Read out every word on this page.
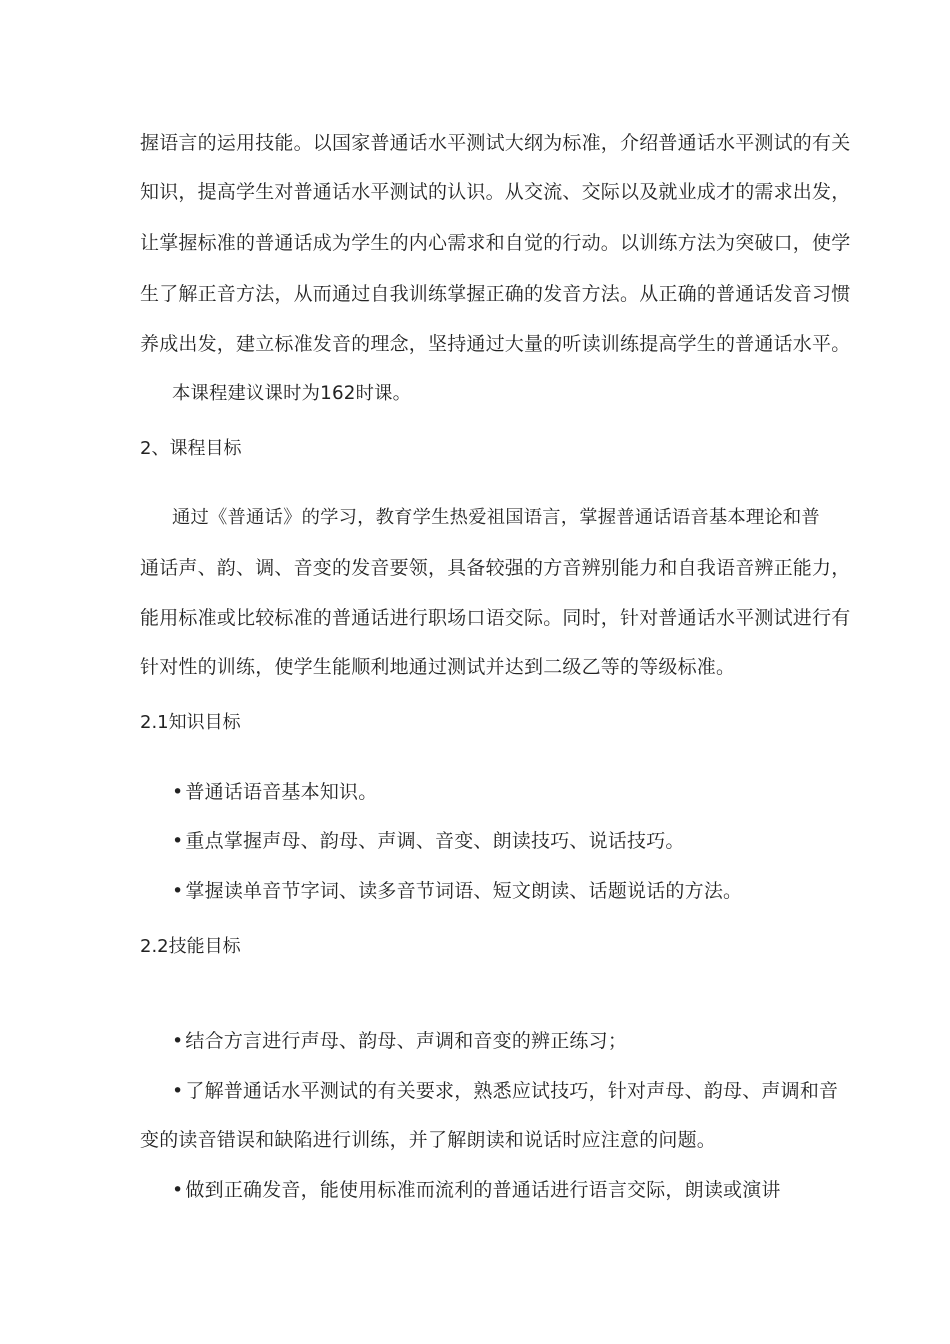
握语言的运用技能。以国家普通话水平测试大纲为标准，介绍普通话水平测试的有关
知识，提高学生对普通话水平测试的认识。从交流、交际以及就业成才的需求出发，
让掌握标准的普通话成为学生的内心需求和自觉的行动。以训练方法为突破口，使学
生了解正音方法，从而通过自我训练掌握正确的发音方法。从正确的普通话发音习惯
养成出发，建立标准发音的理念，坚持通过大量的听读训练提高学生的普通话水平。
本课程建议课时为162时课。
2、课程目标
通过《普通话》的学习，教育学生热爱祖国语言，掌握普通话语音基本理论和普
通话声、韵、调、音变的发音要领，具备较强的方音辨别能力和自我语音辨正能力，
能用标准或比较标准的普通话进行职场口语交际。同时，针对普通话水平测试进行有
针对性的训练，使学生能顺利地通过测试并达到二级乙等的等级标准。
2.1知识目标
• 普通话语音基本知识。
• 重点掌握声母、韵母、声调、音变、朗读技巧、说话技巧。
• 掌握读单音节字词、读多音节词语、短文朗读、话题说话的方法。
2.2技能目标
• 结合方言进行声母、韵母、声调和音变的辨正练习；
• 了解普通话水平测试的有关要求，熟悉应试技巧，针对声母、韵母、声调和音
变的读音错误和缺陷进行训练，并了解朗读和说话时应注意的问题。
• 做到正确发音，能使用标准而流利的普通话进行语言交际，朗读或演讲
